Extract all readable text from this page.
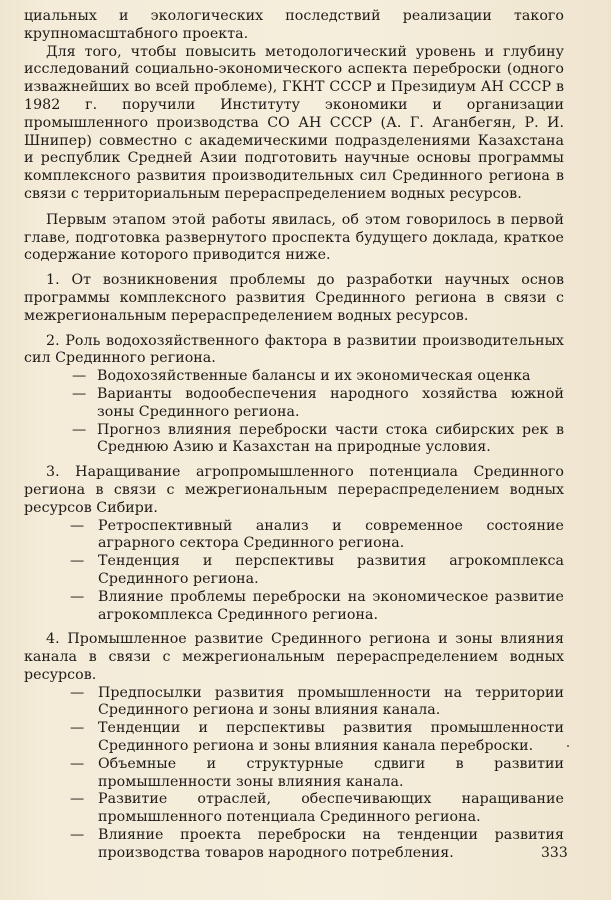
циальных и экологических последствий реализации такого крупномасштабного проекта.

Для того, чтобы повысить методологический уровень и глубину исследований социально-экономического аспекта переброски (одного изважнейших во всей проблеме), ГКНТ СССР и Президиум АН СССР в 1982 г. поручили Институту экономики и организации промышленного производства СО АН СССР (А. Г. Аганбегян, Р. И. Шнипер) совместно с академическими подразделениями Казахстана и республик Средней Азии подготовить научные основы программы комплексного развития производительных сил Срединного региона в связи с территориальным перераспределением водных ресурсов.

Первым этапом этой работы явилась, об этом говорилось в первой главе, подготовка развернутого проспекта будущего доклада, краткое содержание которого приводится ниже.

1. От возникновения проблемы до разработки научных основ программы комплексного развития Срединного региона в связи с межрегиональным перераспределением водных ресурсов.

2. Роль водохозяйственного фактора в развитии производительных сил Срединного региона.

— Водохозяйственные балансы и их экономическая оценка
— Варианты водообеспечения народного хозяйства южной зоны Срединного региона.
— Прогноз влияния переброски части стока сибирских рек в Среднюю Азию и Казахстан на природные условия.

3. Наращивание агропромышленного потенциала Срединного региона в связи с межрегиональным перераспределением водных ресурсов Сибири.

— Ретроспективный анализ и современное состояние аграрного сектора Срединного региона.
— Тенденция и перспективы развития агрокомплекса Срединного региона.
— Влияние проблемы переброски на экономическое развитие агрокомплекса Срединного региона.

4. Промышленное развитие Срединного региона и зоны влияния канала в связи с межрегиональным перераспределением водных ресурсов.

— Предпосылки развития промышленности на территории Срединного региона и зоны влияния канала.
— Тенденции и перспективы развития промышленности Срединного региона и зоны влияния канала переброски.
— Объемные и структурные сдвиги в развитии промышленности зоны влияния канала.
— Развитие отраслей, обеспечивающих наращивание промышленного потенциала Срединного региона.
— Влияние проекта переброски на тенденции развития производства товаров народного потребления.	333
